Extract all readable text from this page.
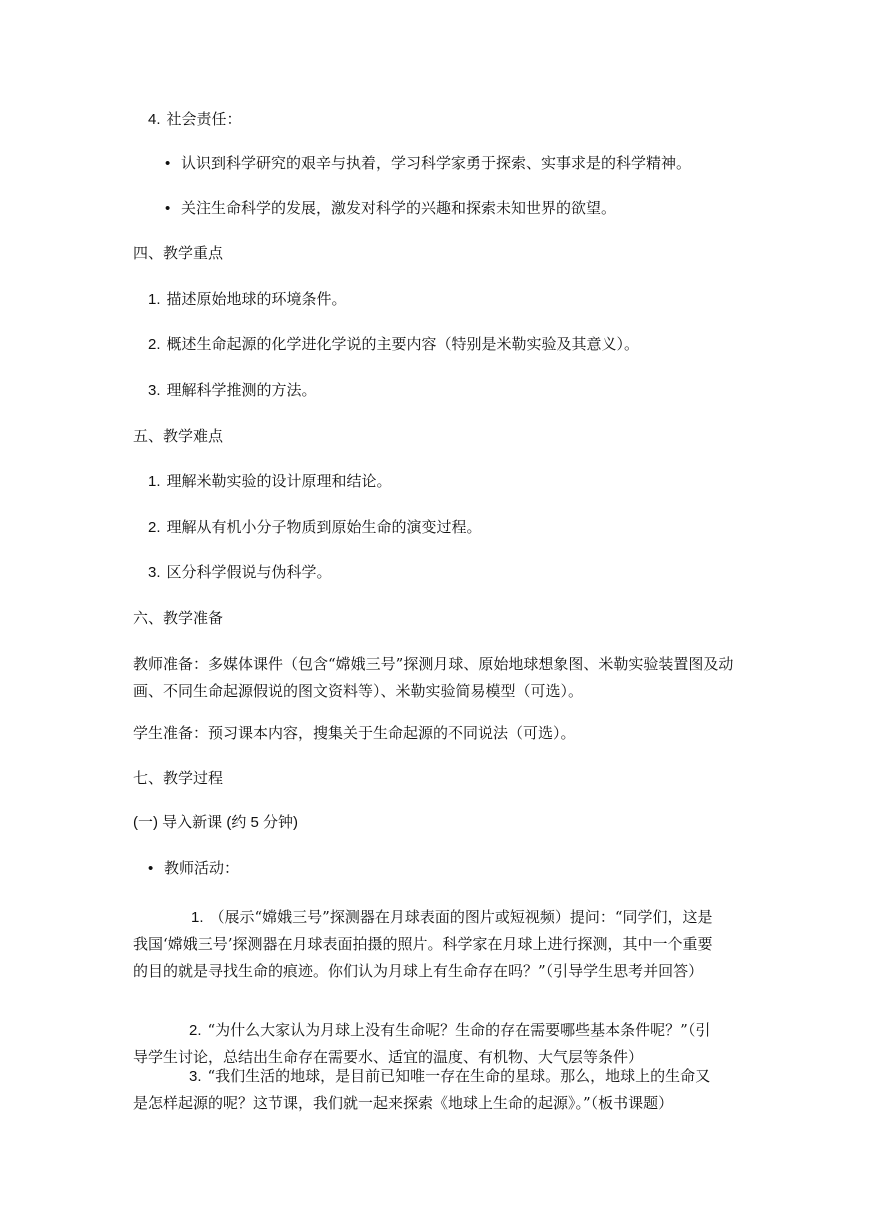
4. 社会责任：
• 认识到科学研究的艰辛与执着，学习科学家勇于探索、实事求是的科学精神。
• 关注生命科学的发展，激发对科学的兴趣和探索未知世界的欲望。
四、教学重点
1. 描述原始地球的环境条件。
2. 概述生命起源的化学进化学说的主要内容（特别是米勒实验及其意义）。
3. 理解科学推测的方法。
五、教学难点
1. 理解米勒实验的设计原理和结论。
2. 理解从有机小分子物质到原始生命的演变过程。
3. 区分科学假说与伪科学。
六、教学准备
教师准备：多媒体课件（包含“嫦娥三号”探测月球、原始地球想象图、米勒实验装置图及动画、不同生命起源假说的图文资料等）、米勒实验简易模型（可选）。
学生准备：预习课本内容，搜集关于生命起源的不同说法（可选）。
七、教学过程
(一) 导入新课 (约 5 分钟)
• 教师活动：
1. （展示“嫦娥三号”探测器在月球表面的图片或短视频）提问：“同学们，这是我国‘嫦娥三号’探测器在月球表面拍摄的照片。科学家在月球上进行探测，其中一个重要的目的就是寻找生命的痕迹。你们认为月球上有生命存在吗？”（引导学生思考并回答）
2. “为什么大家认为月球上没有生命呢？生命的存在需要哪些基本条件呢？”（引导学生讨论，总结出生命存在需要水、适宜的温度、有机物、大气层等条件）
3. “我们生活的地球，是目前已知唯一存在生命的星球。那么，地球上的生命又是怎样起源的呢？这节课，我们就一起来探索《地球上生命的起源》。”（板书课题）
